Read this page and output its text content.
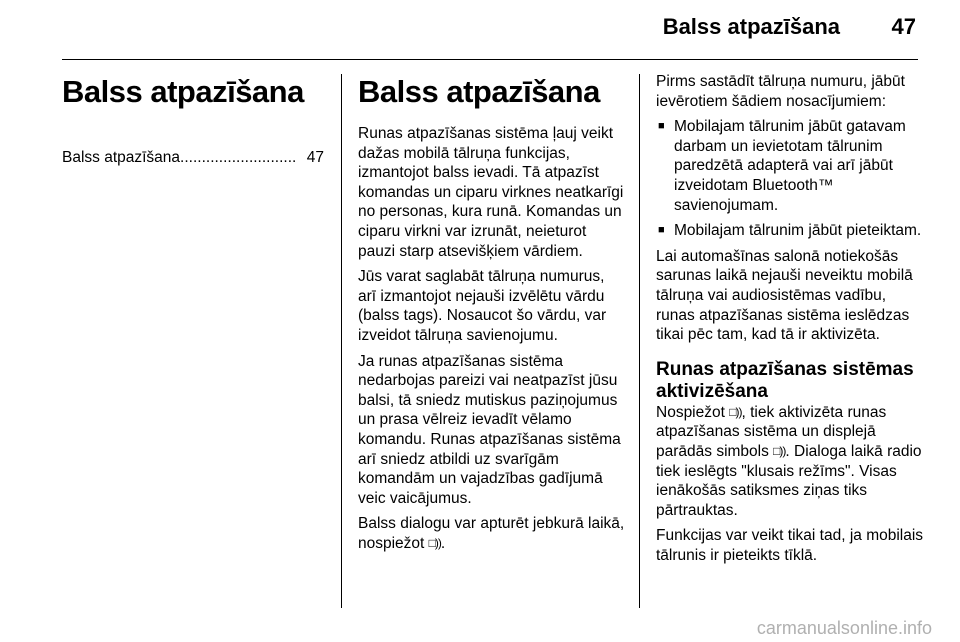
Balss atpazīšana 47
Balss atpazīšana
Balss atpazīšana ........................... 47
Balss atpazīšana

Runas atpazīšanas sistēma ļauj veikt dažas mobilā tālruņa funkcijas, izmantojot balss ievadi. Tā atpazīst komandas un ciparu virknes neatkarīgi no personas, kura runā. Komandas un ciparu virkni var izrunāt, neieturot pauzi starp atsevišķiem vārdiem.

Jūs varat saglabāt tālruņa numurus, arī izmantojot nejauši izvēlētu vārdu (balss tags). Nosaucot šo vārdu, var izveidot tālruņa savienojumu.

Ja runas atpazīšanas sistēma nedarbojas pareizi vai neatpazīst jūsu balsi, tā sniedz mutiskus paziņojumus un prasa vēlreiz ievadīt vēlamo komandu. Runas atpazīšanas sistēma arī sniedz atbildi uz svarīgām komandām un vajadzības gadījumā veic vaicājumus.

Balss dialogu var apturēt jebkurā laikā, nospiežot □)).

Pirms sastādīt tālruņa numuru, jābūt ievērotiem šādiem nosacījumiem:

■ Mobilajam tālrunim jābūt gatavam darbam un ievietotam tālrunim paredzētā adapterā vai arī jābūt izveidotam Bluetooth™ savienojumam.
■ Mobilajam tālrunim jābūt pieteiktam.

Lai automašīnas salonā notiekošās sarunas laikā nejauši neveiktu mobilā tālruņa vai audiosistēmas vadību, runas atpazīšanas sistēma ieslēdzas tikai pēc tam, kad tā ir aktivizēta.

Runas atpazīšanas sistēmas aktivizēšana

Nospiežot □)), tiek aktivizēta runas atpazīšanas sistēma un displejā parādās simbols □)). Dialoga laikā radio tiek ieslēgts "klusais režīms". Visas ienākošās satiksmes ziņas tiks pārtrauktas.

Funkcijas var veikt tikai tad, ja mobilais tālrunis ir pieteikts tīklā.

carmanualsonline.info
